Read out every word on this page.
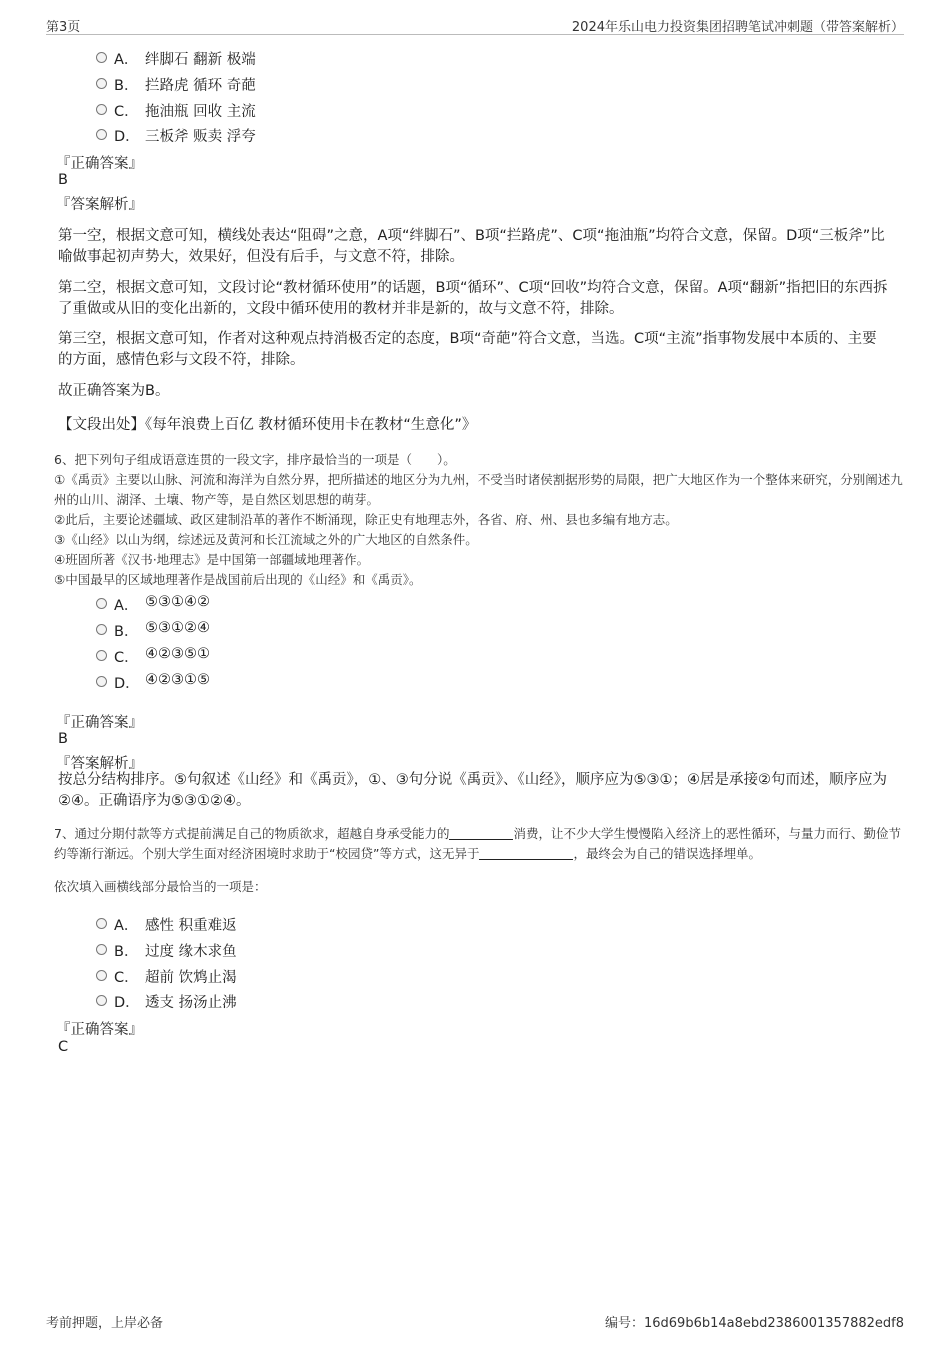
第3页	2024年乐山电力投资集团招聘笔试冲刺题（带答案解析）
A． 绊脚石 翻新 极端
B． 拦路虎 循环 奇葩
C． 拖油瓶 回收 主流
D． 三板斧 贩卖 浮夸
『正确答案』
B
『答案解析』
第一空，根据文意可知，横线处表达“阻碍”之意，A项“绊脚石”、B项“拦路虎”、C项“拖油瓶”均符合文意，保留。D项“三板斧”比喻做事起初声势大，效果好，但没有后手，与文意不符，排除。
第二空，根据文意可知，文段讨论“教材循环使用”的话题，B项“循环”、C项“回收”均符合文意，保留。A项“翻新”指把旧的东西拆了重做或从旧的变化出新的，文段中循环使用的教材并非是新的，故与文意不符，排除。
第三空，根据文意可知，作者对这种观点持消极否定的态度，B项“奇葩”符合文意，当选。C项“主流”指事物发展中本质的、主要的方面，感情色彩与文段不符，排除。
故正确答案为B。
【文段出处】《每年浪费上百亿 教材循环使用卡在教材“生意化”》
6、把下列句子组成语意连贯的一段文字，排序最恰当的一项是（　　）。
①《禹贡》主要以山脉、河流和海洋为自然分界，把所描述的地区分为九州，不受当时诸侯割据形势的局限，把广大地区作为一个整体来研究，分别阐述九州的山川、湖泽、土壤、物产等，是自然区划思想的萌芽。
②此后，主要论述疆域、政区建制沿革的著作不断涌现，除正史有地理志外，各省、府、州、县也多编有地方志。
③《山经》以山为纲，综述远及黄河和长江流域之外的广大地区的自然条件。
④班固所著《汉书·地理志》是中国第一部疆域地理著作。
⑤中国最早的区域地理著作是战国前后出现的《山经》和《禹贡》。
A． ⑤③①④②
B． ⑤③①②④
C． ④②③⑤①
D． ④②③①⑤
『正确答案』
B
『答案解析』
按总分结构排序。⑤句叙述《山经》和《禹贡》，①、③句分说《禹贡》、《山经》，顺序应为⑤③①；④居是承接②句而述，顺序应为②④。正确语序为⑤③①②④。
7、通过分期付款等方式提前满足自己的物质欲求，超越自身承受能力的	消费，让不少大学生慢慢陷入经济上的恶性循环，与量力而行、勤俭节约等渐行渐远。个别大学生面对经济困境时求助于“校园贷”等方式，这无异于	，最终会为自己的错误选择埋单。
依次填入画横线部分最恰当的一项是：
A． 感性 积重难返
B． 过度 缘木求鱼
C． 超前 饮鸩止渴
D． 透支 扬汤止沸
『正确答案』
C
考前押题，上岸必备	编号：16d69b6b14a8ebd2386001357882edf8
